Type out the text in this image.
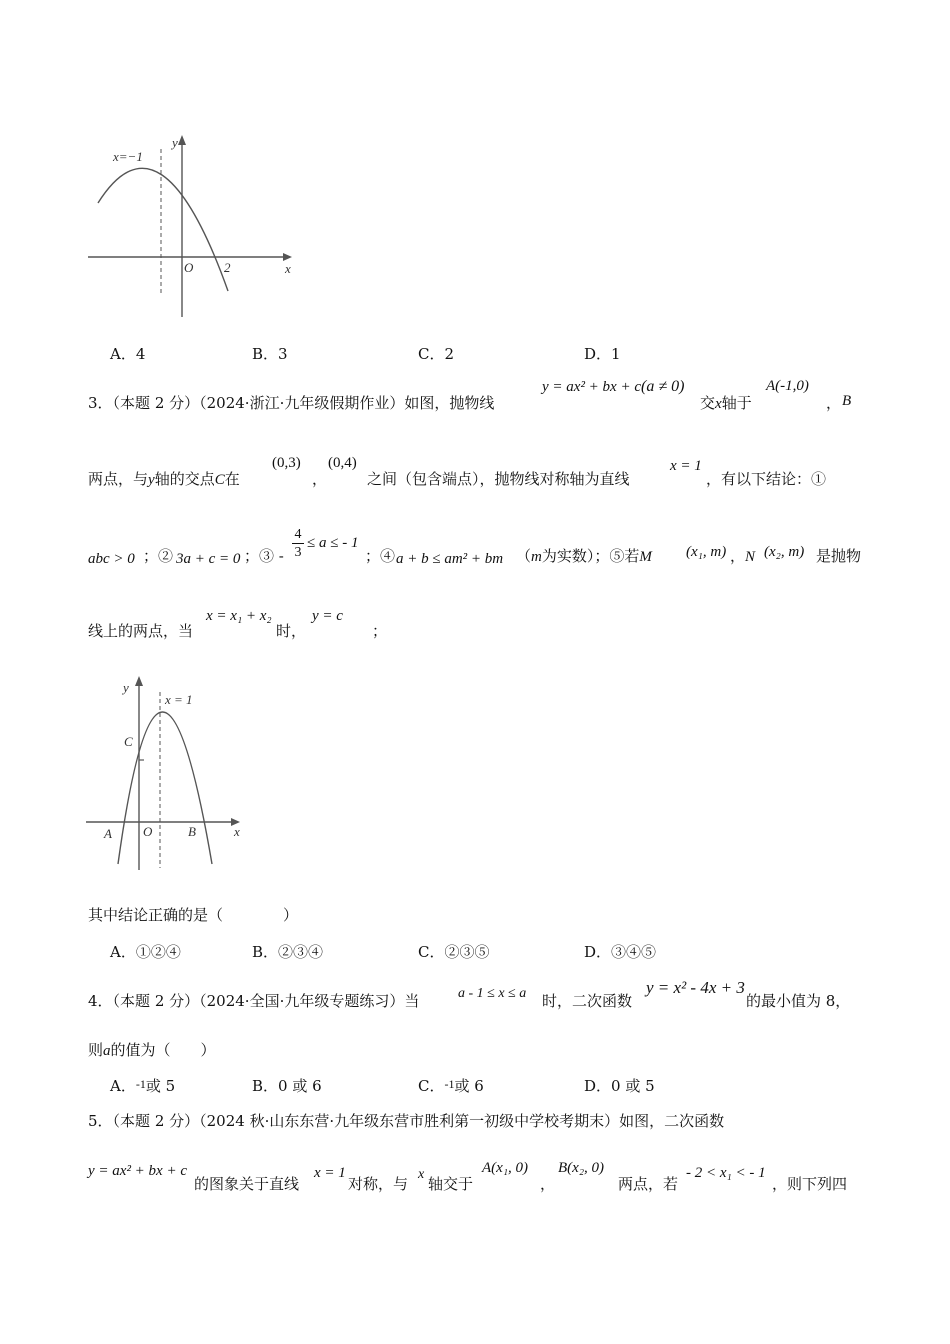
x=−1
y
x
O 2
A．4	B．3	C．2	D．1
3．（本题 2 分）（2024·浙江·九年级假期作业）如图，抛物线
y = ax² + bx + c(a ≠ 0)
交x轴于
A(-1,0)
， B
两点，与y轴的交点C在
(0,3)
，
(0,4)
之间（包含端点），抛物线对称轴为直线
x = 1
，有以下结论：①
abc > 0 ；② 3a + c = 0 ；③ -
4
3
≤ a ≤ - 1
；④ a + b ≤ am² + bm （m为实数）；⑤若M (x₁, m) ，N (x₂, m) 是抛物
线上的两点，当
x = x₁ + x₂
时，
y = c
；
y
x = 1
C
A O	B	x
其中结论正确的是（　　　　）
A．①②④	B．②③④	C．②③⑤	D．③④⑤
4．（本题 2 分）（2024·全国·九年级专题练习）当	a - 1 ≤ x ≤ a 时，二次函数
y = x² - 4x + 3
的最小值为 8，
则a的值为（　　）
A．$^{-1}$或 5	B．0 或 6	C．$^{-1}$或 6	D．0 或 5
5．（本题 2 分）（2024 秋·山东东营·九年级东营市胜利第一初级中学校考期末）如图，二次函数
y = ax² + bx + c
的图象关于直线
x = 1
对称，与
x
轴交于
A(x₁, 0)
，
B(x₂, 0)
两点，若
- 2 < x₁ < - 1
，则下列四
